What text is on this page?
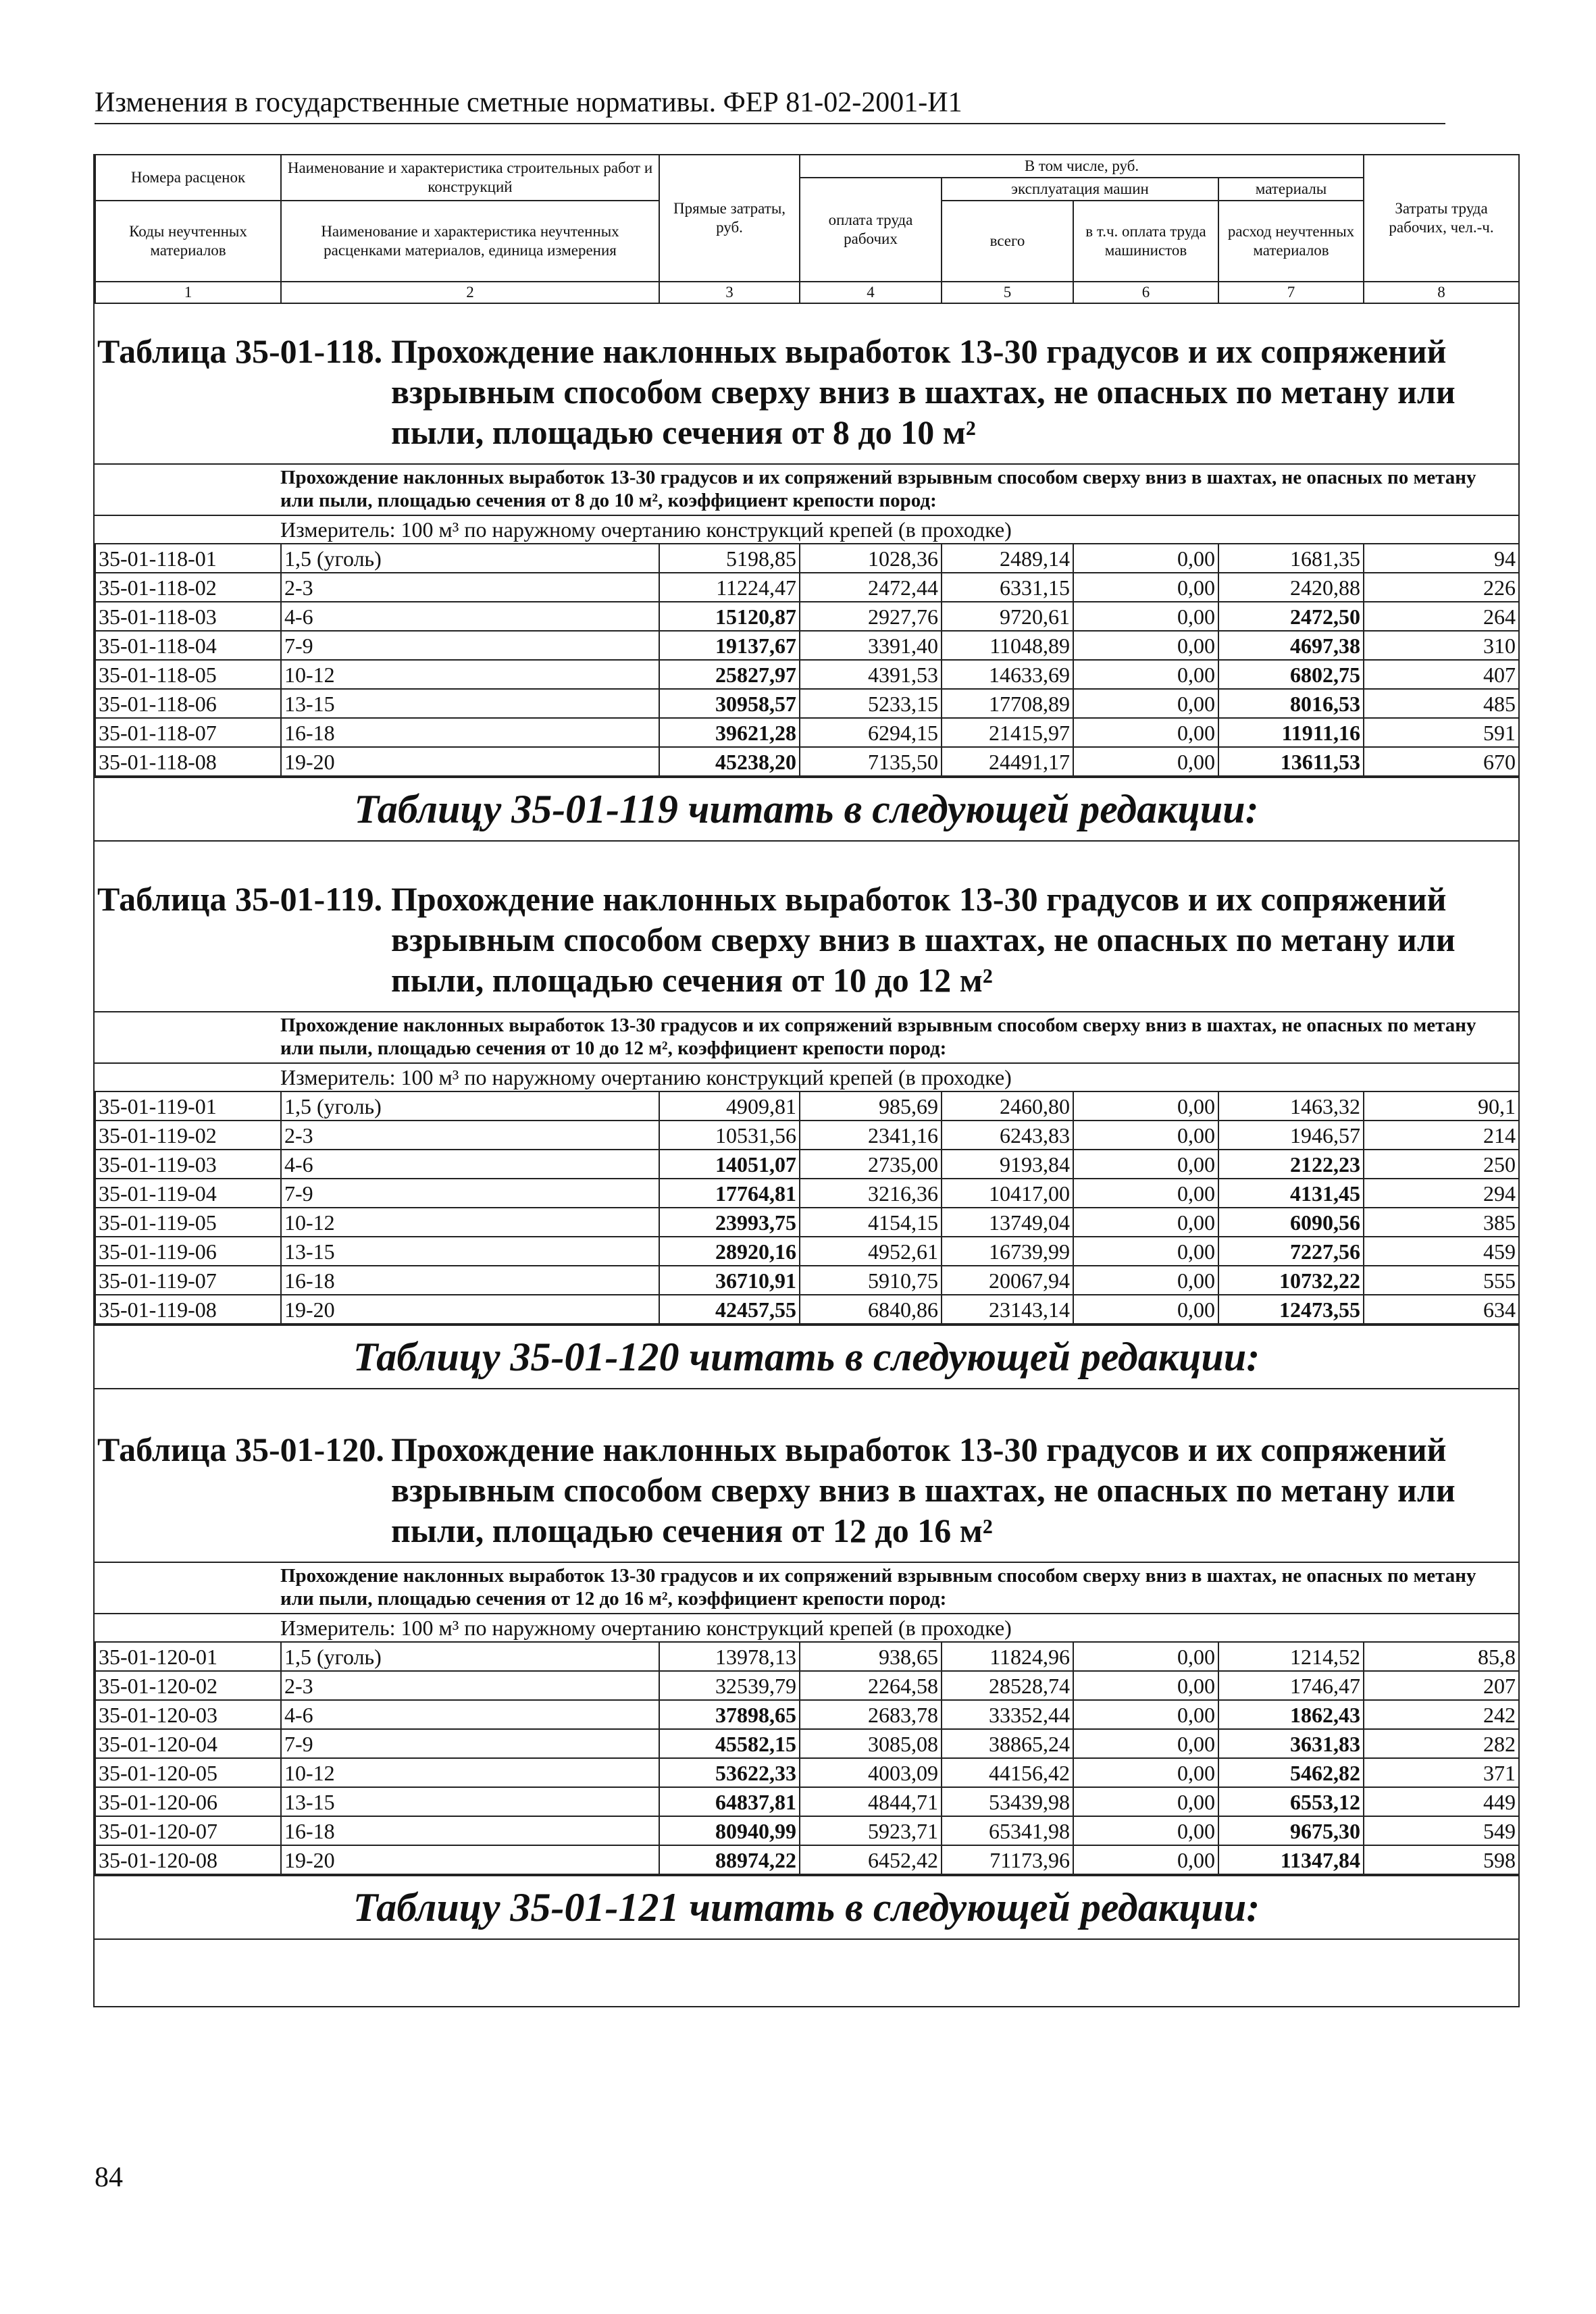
Изменения в государственные сметные нормативы. ФЕР 81-02-2001-И1
Номера расценок	Наименование и характеристика строительных работ и конструкций	Прямые затраты, руб.	В том числе, руб.				Затраты труда рабочих, чел.-ч.
			оплата труда рабочих	эксплуатация машин		материалы	
Коды неучтенных материалов	Наименование и характеристика неучтенных расценками материалов, единица измерения			всего	в т.ч. оплата труда машинистов	расход неучтенных материалов	

1	2	3	4	5	6	7	8
Таблица 35-01-118. Прохождение наклонных выработок 13-30 градусов и их сопряжений взрывным способом сверху вниз в шахтах, не опасных по метану или пыли, площадью сечения от 8 до 10 м²
Прохождение наклонных выработок 13-30 градусов и их сопряжений взрывным способом сверху вниз в шахтах, не опасных по метану или пыли, площадью сечения от 8 до 10 м², коэффициент крепости пород:
Измеритель: 100 м³ по наружному очертанию конструкций крепей (в проходке)
35-01-118-01	1,5 (уголь)	5198,85	1028,36	2489,14	0,00	1681,35	94
35-01-118-02	2-3	11224,47	2472,44	6331,15	0,00	2420,88	226
35-01-118-03	4-6	15120,87	2927,76	9720,61	0,00	2472,50	264
35-01-118-04	7-9	19137,67	3391,40	11048,89	0,00	4697,38	310
35-01-118-05	10-12	25827,97	4391,53	14633,69	0,00	6802,75	407
35-01-118-06	13-15	30958,57	5233,15	17708,89	0,00	8016,53	485
35-01-118-07	16-18	39621,28	6294,15	21415,97	0,00	11911,16	591
35-01-118-08	19-20	45238,20	7135,50	24491,17	0,00	13611,53	670
Таблицу 35-01-119 читать в следующей редакции:
Таблица 35-01-119. Прохождение наклонных выработок 13-30 градусов и их сопряжений взрывным способом сверху вниз в шахтах, не опасных по метану или пыли, площадью сечения от 10 до 12 м²
Прохождение наклонных выработок 13-30 градусов и их сопряжений взрывным способом сверху вниз в шахтах, не опасных по метану или пыли, площадью сечения от 10 до 12 м², коэффициент крепости пород:
Измеритель: 100 м³ по наружному очертанию конструкций крепей (в проходке)
35-01-119-01	1,5 (уголь)	4909,81	985,69	2460,80	0,00	1463,32	90,1
35-01-119-02	2-3	10531,56	2341,16	6243,83	0,00	1946,57	214
35-01-119-03	4-6	14051,07	2735,00	9193,84	0,00	2122,23	250
35-01-119-04	7-9	17764,81	3216,36	10417,00	0,00	4131,45	294
35-01-119-05	10-12	23993,75	4154,15	13749,04	0,00	6090,56	385
35-01-119-06	13-15	28920,16	4952,61	16739,99	0,00	7227,56	459
35-01-119-07	16-18	36710,91	5910,75	20067,94	0,00	10732,22	555
35-01-119-08	19-20	42457,55	6840,86	23143,14	0,00	12473,55	634
Таблицу 35-01-120 читать в следующей редакции:
Таблица 35-01-120. Прохождение наклонных выработок 13-30 градусов и их сопряжений взрывным способом сверху вниз в шахтах, не опасных по метану или пыли, площадью сечения от 12 до 16 м²
Прохождение наклонных выработок 13-30 градусов и их сопряжений взрывным способом сверху вниз в шахтах, не опасных по метану или пыли, площадью сечения от 12 до 16 м², коэффициент крепости пород:
Измеритель: 100 м³ по наружному очертанию конструкций крепей (в проходке)
35-01-120-01	1,5 (уголь)	13978,13	938,65	11824,96	0,00	1214,52	85,8
35-01-120-02	2-3	32539,79	2264,58	28528,74	0,00	1746,47	207
35-01-120-03	4-6	37898,65	2683,78	33352,44	0,00	1862,43	242
35-01-120-04	7-9	45582,15	3085,08	38865,24	0,00	3631,83	282
35-01-120-05	10-12	53622,33	4003,09	44156,42	0,00	5462,82	371
35-01-120-06	13-15	64837,81	4844,71	53439,98	0,00	6553,12	449
35-01-120-07	16-18	80940,99	5923,71	65341,98	0,00	9675,30	549
35-01-120-08	19-20	88974,22	6452,42	71173,96	0,00	11347,84	598
Таблицу 35-01-121 читать в следующей редакции:
84
